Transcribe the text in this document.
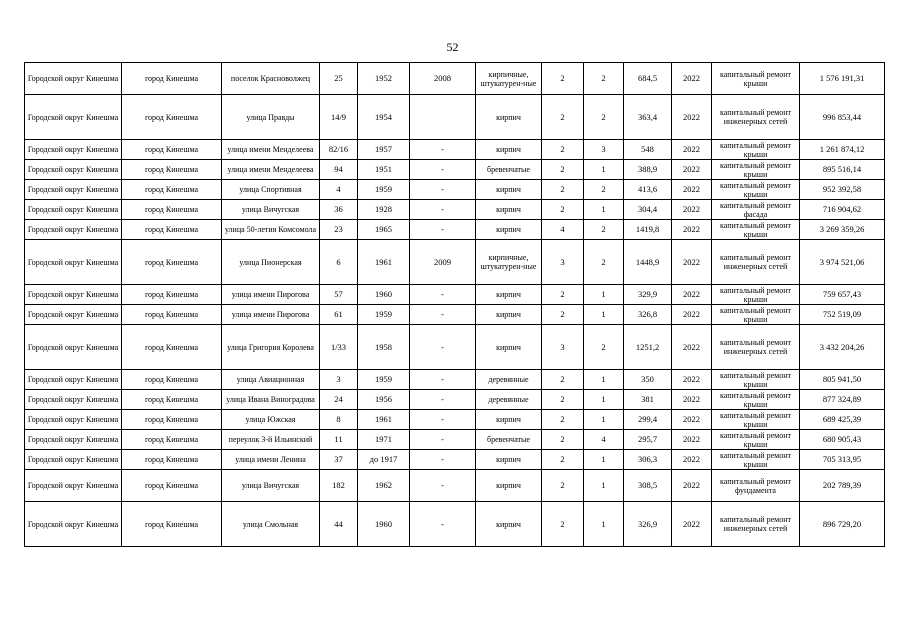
52
Городской округ Кинешма	город Кинешма	поселок Красноволжец	25	1952	2008	кирпичные, штукатурен-ные	2	2	684,5	2022	капитальный ремонт крыши	1 576 191,31
Городской округ Кинешма	город Кинешма	улица Правды	14/9	1954		кирпич	2	2	363,4	2022	капитальный ремонт инженерных сетей	996 853,44
Городской округ Кинешма	город Кинешма	улица имени Менделеева	82/16	1957	-	кирпич	2	3	548	2022	капитальный ремонт крыши	1 261 874,12
Городской округ Кинешма	город Кинешма	улица имени Менделеева	94	1951	-	бревенчатые	2	1	388,9	2022	капитальный ремонт крыши	895 516,14
Городской округ Кинешма	город Кинешма	улица Спортивная	4	1959	-	кирпич	2	2	413,6	2022	капитальный ремонт крыши	952 392,58
Городской округ Кинешма	город Кинешма	улица Вичугская	36	1928	-	кирпич	2	1	304,4	2022	капитальный ремонт фасада	716 904,62
Городской округ Кинешма	город Кинешма	улица 50-летия Комсомола	23	1965	-	кирпич	4	2	1419,8	2022	капитальный ремонт крыши	3 269 359,26
Городской округ Кинешма	город Кинешма	улица Пионерская	6	1961	2009	кирпичные, штукатурен-ные	3	2	1448,9	2022	капитальный ремонт инженерных сетей	3 974 521,06
Городской округ Кинешма	город Кинешма	улица имени Пирогова	57	1960	-	кирпич	2	1	329,9	2022	капитальный ремонт крыши	759 657,43
Городской округ Кинешма	город Кинешма	улица имени Пирогова	61	1959	-	кирпич	2	1	326,8	2022	капитальный ремонт крыши	752 519,09
Городской округ Кинешма	город Кинешма	улица Григория Королева	1/33	1958	-	кирпич	3	2	1251,2	2022	капитальный ремонт инженерных сетей	3 432 204,26
Городской округ Кинешма	город Кинешма	улица Авиационная	3	1959	-	деревянные	2	1	350	2022	капитальный ремонт крыши	805 941,50
Городской округ Кинешма	город Кинешма	улица Ивана Виноградова	24	1956	-	деревянные	2	1	381	2022	капитальный ремонт крыши	877 324,89
Городской округ Кинешма	город Кинешма	улица Южская	8	1961	-	кирпич	2	1	299,4	2022	капитальный ремонт крыши	689 425,39
Городской округ Кинешма	город Кинешма	переулок 3-й Ильинский	11	1971	-	бревенчатые	2	4	295,7	2022	капитальный ремонт крыши	680 905,43
Городской округ Кинешма	город Кинешма	улица имени Ленина	37	до 1917	-	кирпич	2	1	306,3	2022	капитальный ремонт крыши	705 313,95
Городской округ Кинешма	город Кинешма	улица Вичугская	182	1962	-	кирпич	2	1	308,5	2022	капитальный ремонт фундамента	202 789,39
Городской округ Кинешма	город Кинешма	улица Смольная	44	1960	-	кирпич	2	1	326,9	2022	капитальный ремонт инженерных сетей	896 729,20
